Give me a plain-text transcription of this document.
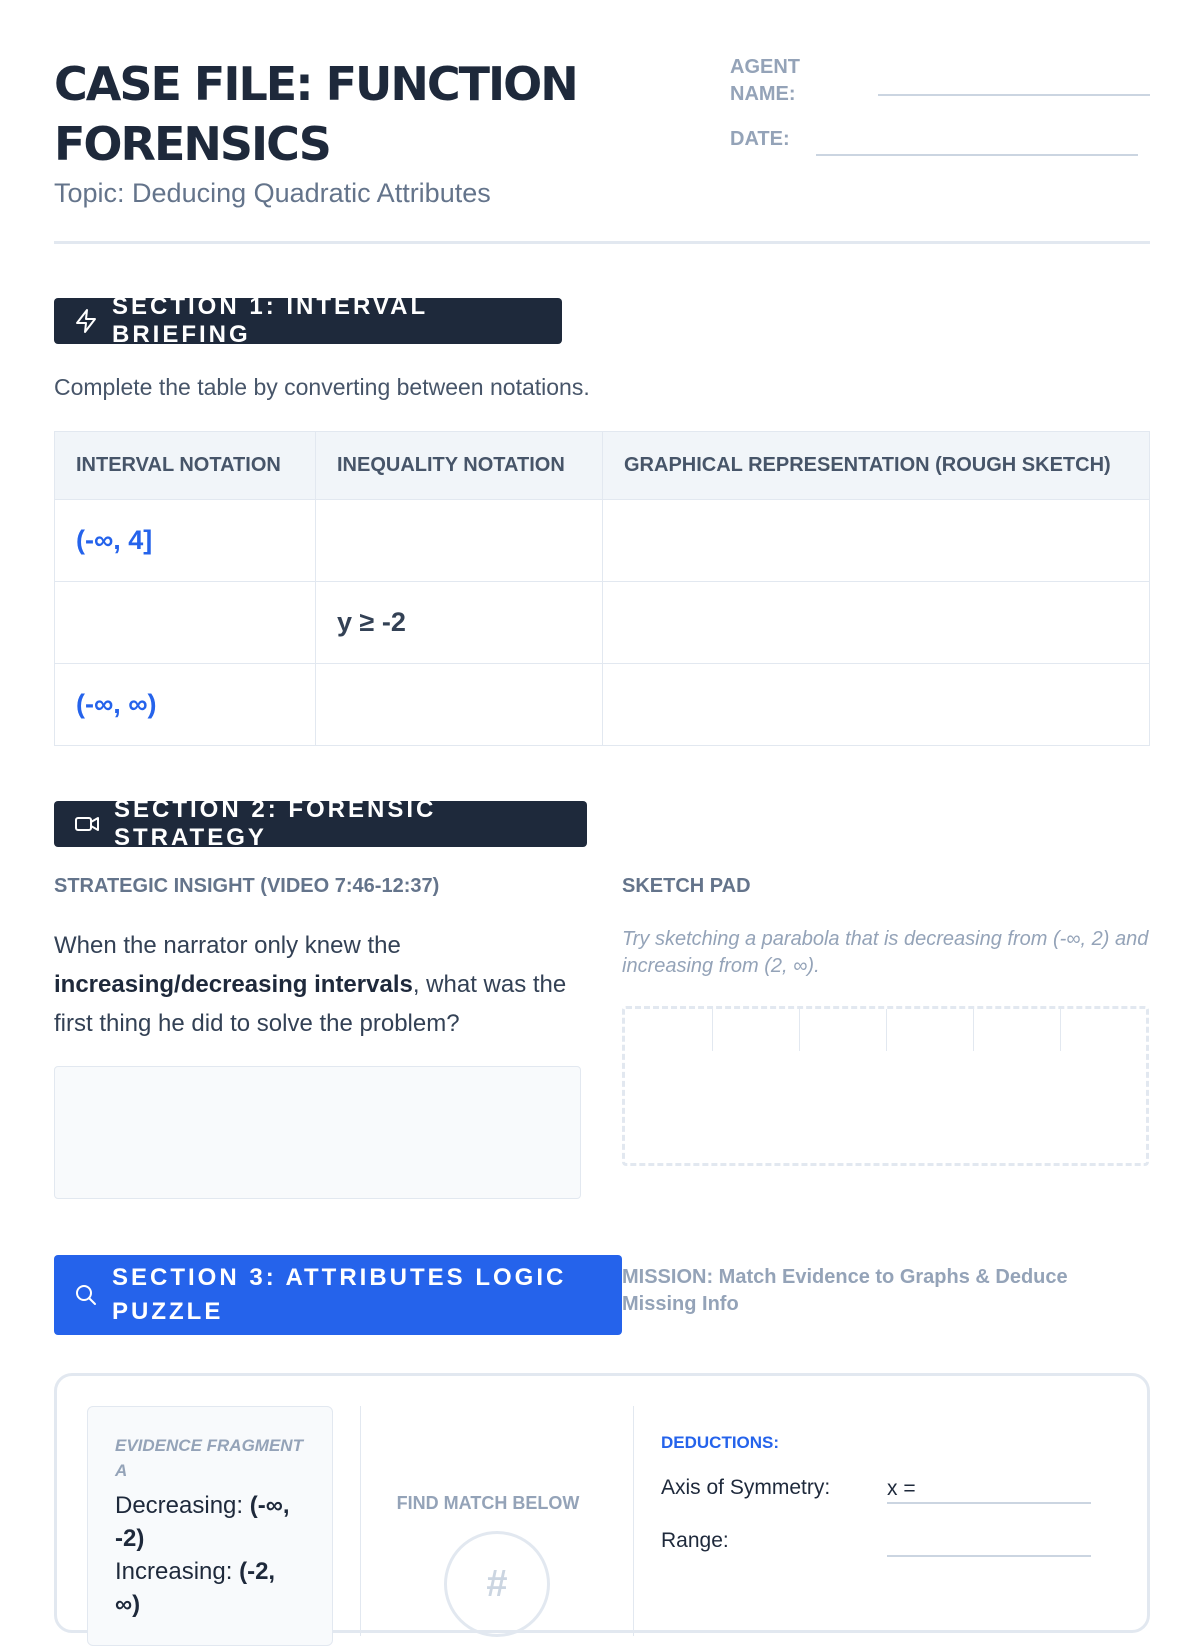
CASE FILE: FUNCTION FORENSICS
Topic: Deducing Quadratic Attributes
AGENT NAME:
DATE:
SECTION 1: INTERVAL BRIEFING
Complete the table by converting between notations.
INTERVAL NOTATION	INEQUALITY NOTATION	GRAPHICAL REPRESENTATION (ROUGH SKETCH)
(-∞, 4]		
	y ≥ -2	
(-∞, ∞)		
SECTION 2: FORENSIC STRATEGY
STRATEGIC INSIGHT (VIDEO 7:46-12:37)
When the narrator only knew the increasing/decreasing intervals, what was the first thing he did to solve the problem?
SKETCH PAD
Try sketching a parabola that is decreasing from (-∞, 2) and increasing from (2, ∞).
SECTION 3: ATTRIBUTES LOGIC PUZZLE
MISSION: Match Evidence to Graphs & Deduce Missing Info
EVIDENCE FRAGMENT A
Decreasing: (-∞, -2)
Increasing: (-2, ∞)
FIND MATCH BELOW
#
DEDUCTIONS:
Axis of Symmetry:	x =
Range:
